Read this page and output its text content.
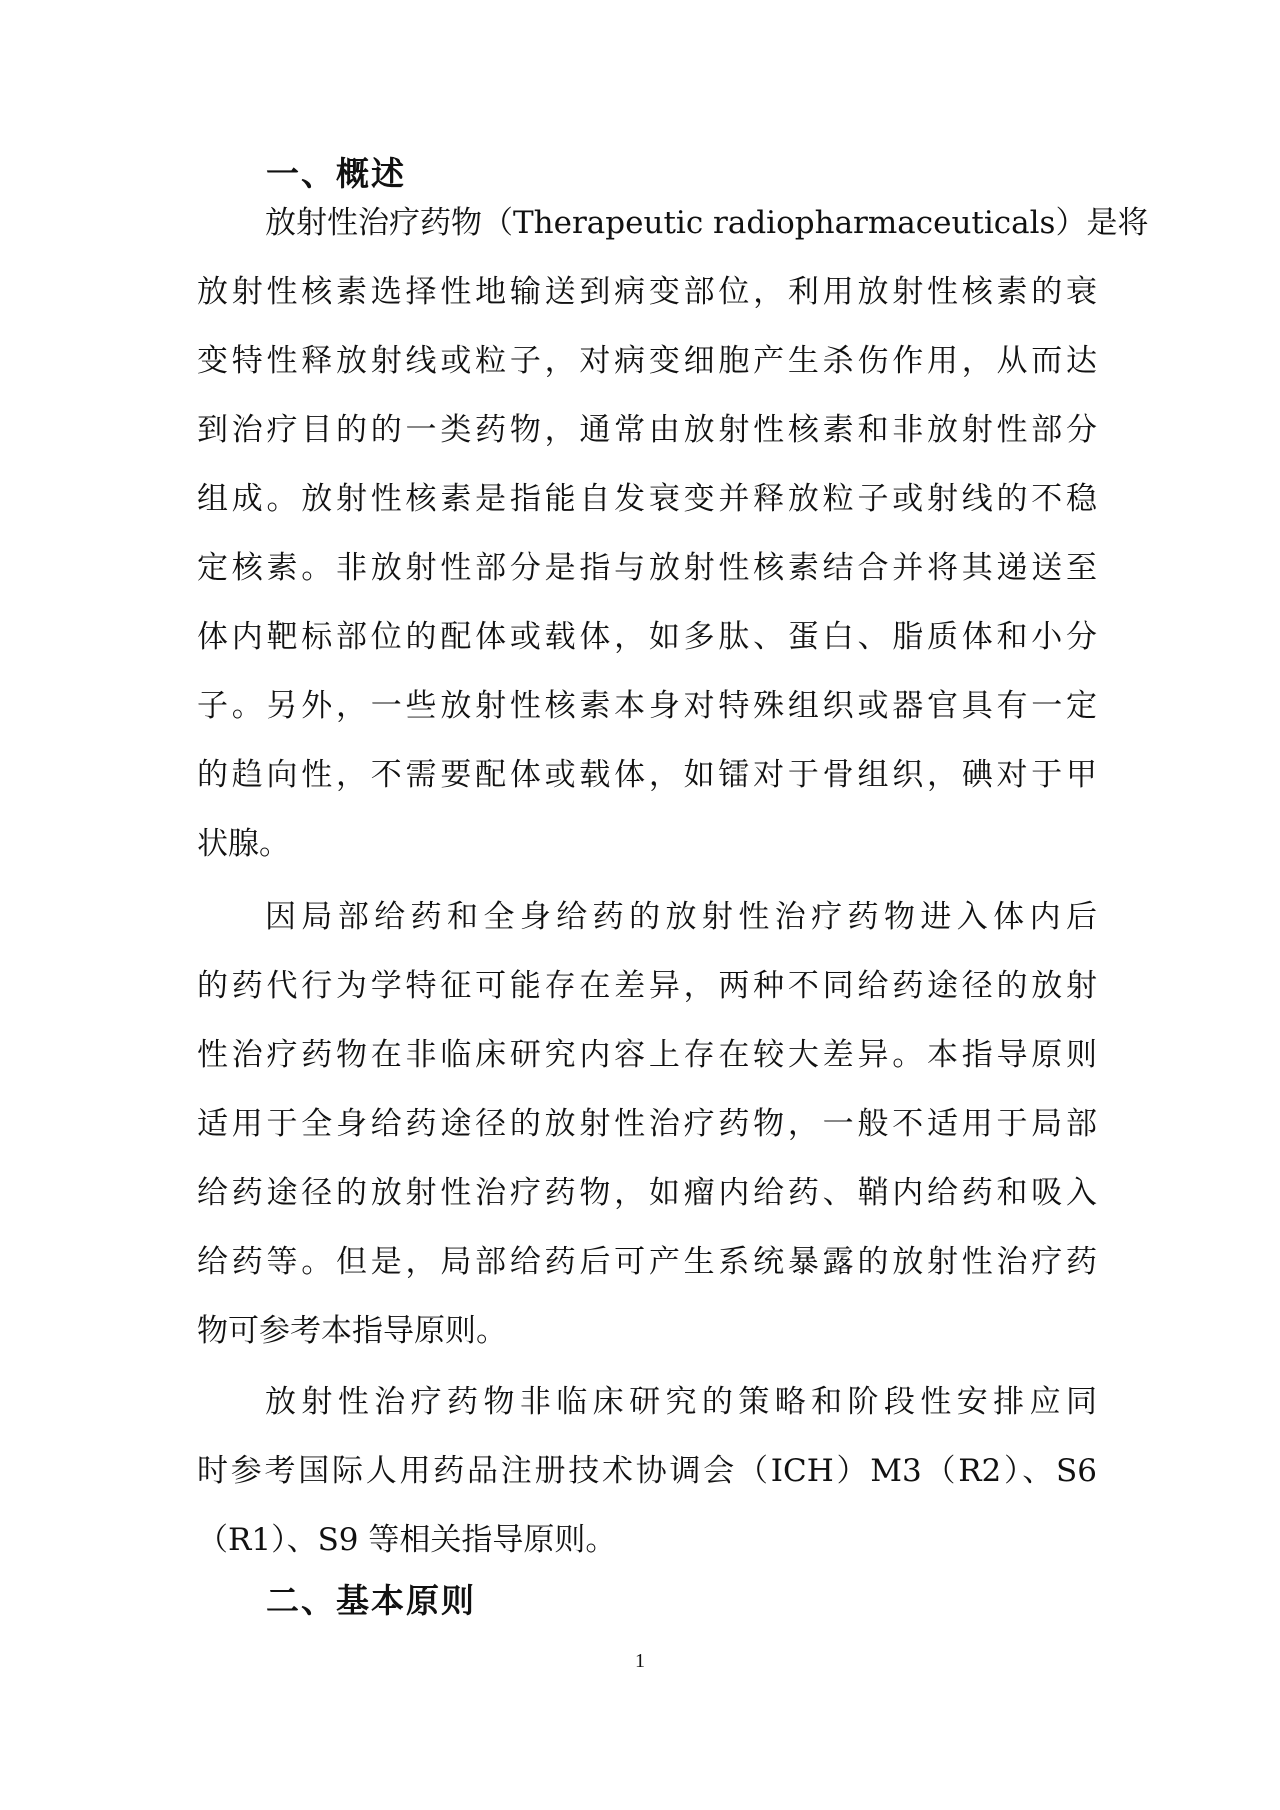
一、概述
放射性治疗药物（Therapeutic radiopharmaceuticals）是将
放射性核素选择性地输送到病变部位，利用放射性核素的衰
变特性释放射线或粒子，对病变细胞产生杀伤作用，从而达
到治疗目的的一类药物，通常由放射性核素和非放射性部分
组成。放射性核素是指能自发衰变并释放粒子或射线的不稳
定核素。非放射性部分是指与放射性核素结合并将其递送至
体内靶标部位的配体或载体，如多肽、蛋白、脂质体和小分
子。另外，一些放射性核素本身对特殊组织或器官具有一定
的趋向性，不需要配体或载体，如镭对于骨组织，碘对于甲
状腺。
因局部给药和全身给药的放射性治疗药物进入体内后
的药代行为学特征可能存在差异，两种不同给药途径的放射
性治疗药物在非临床研究内容上存在较大差异。本指导原则
适用于全身给药途径的放射性治疗药物，一般不适用于局部
给药途径的放射性治疗药物，如瘤内给药、鞘内给药和吸入
给药等。但是，局部给药后可产生系统暴露的放射性治疗药
物可参考本指导原则。
放射性治疗药物非临床研究的策略和阶段性安排应同
时参考国际人用药品注册技术协调会（ICH）M3（R2）、S6
（R1）、S9 等相关指导原则。
二、基本原则
1
